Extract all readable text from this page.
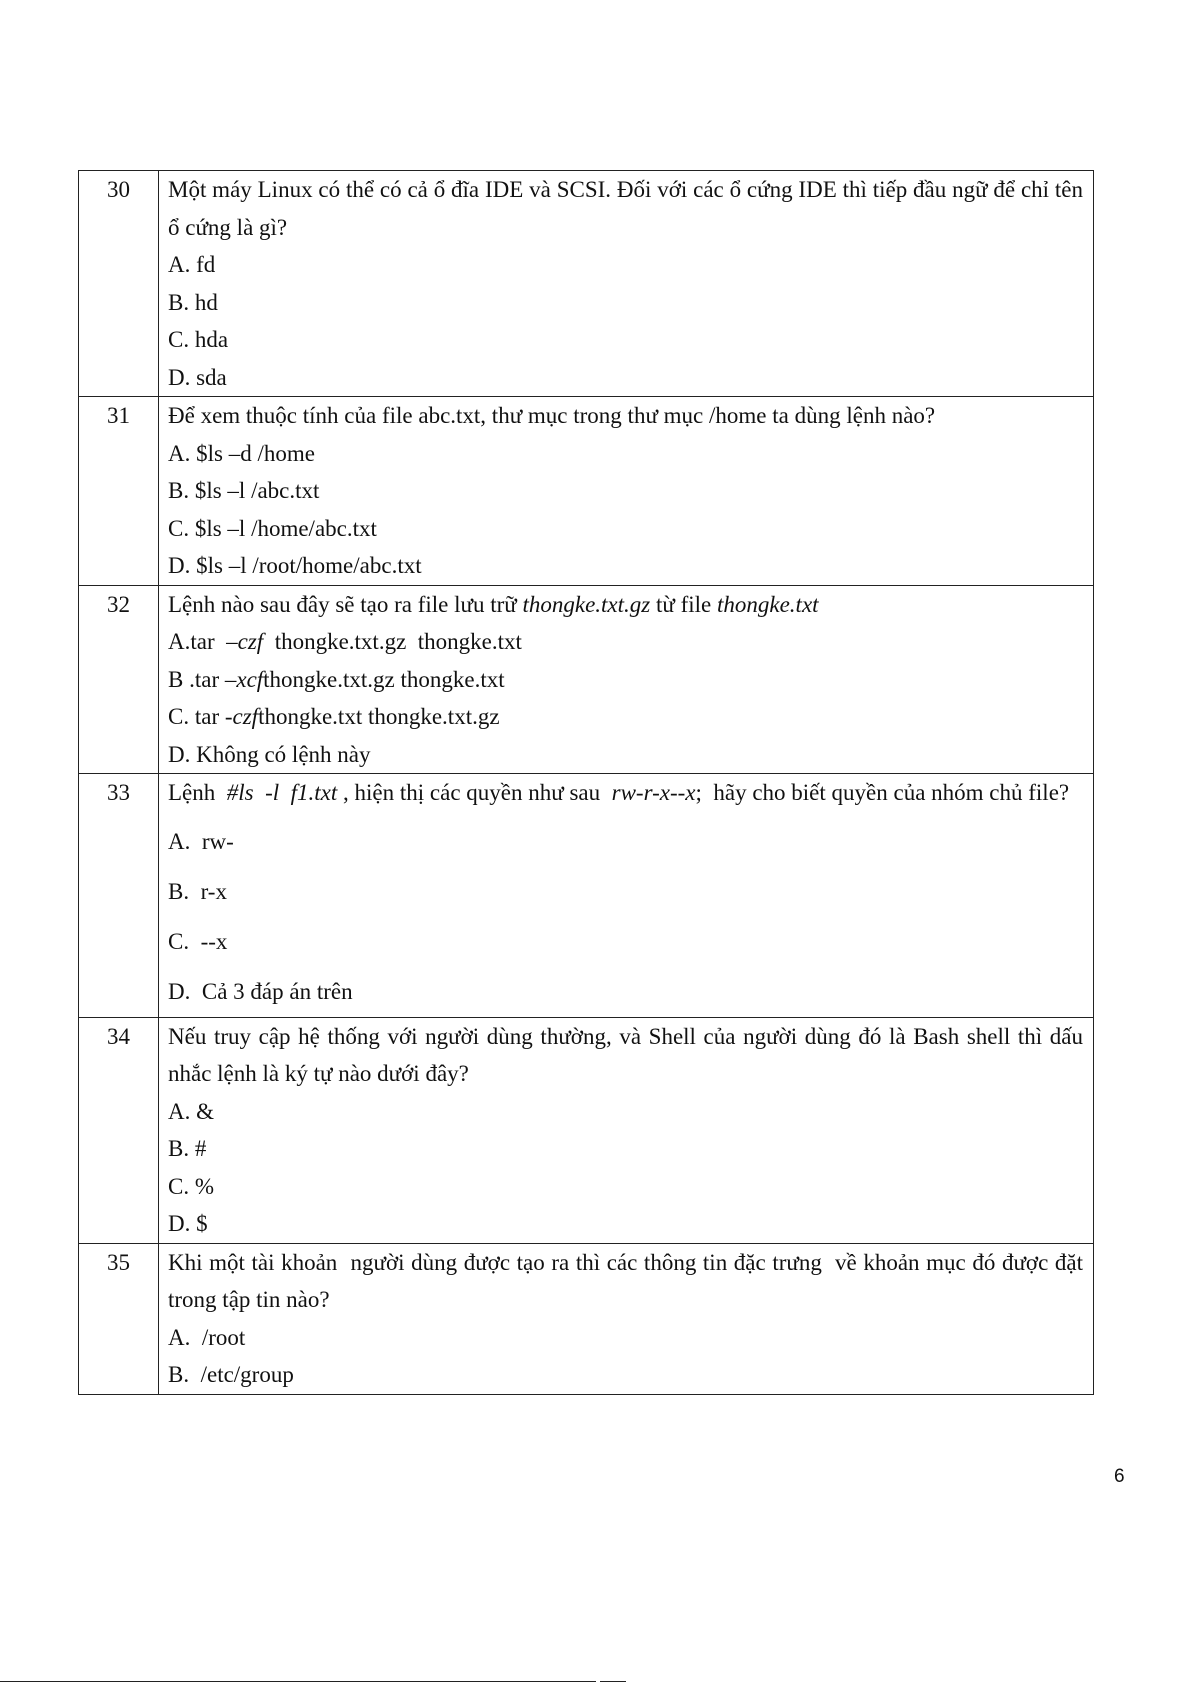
30	Một máy Linux có thể có cả ổ đĩa IDE và SCSI. Đối với các ổ cứng IDE thì tiếp đầu ngữ để chỉ tên ổ cứng là gì?
A. fd
B. hd
C. hda
D. sda

31	Để xem thuộc tính của file abc.txt, thư mục trong thư mục /home ta dùng lệnh nào?
A. $ls –d /home
B. $ls –l /abc.txt
C. $ls –l /home/abc.txt
D. $ls –l /root/home/abc.txt

32	Lệnh nào sau đây sẽ tạo ra file lưu trữ thongke.txt.gz từ file thongke.txt
A.tar  –czf  thongke.txt.gz  thongke.txt
B .tar –xcfthongke.txt.gz thongke.txt
C. tar -czfthongke.txt thongke.txt.gz
D. Không có lệnh này

33	Lệnh  #ls  -l  f1.txt , hiện thị các quyền như sau  rw-r-x--x;  hãy cho biết quyền của nhóm chủ file?
A.  rw-
B.  r-x
C.  --x
D.  Cả 3 đáp án trên

34	Nếu truy cập hệ thống với người dùng thường, và Shell của người dùng đó là Bash shell thì dấu nhắc lệnh là ký tự nào dưới đây?
A. &
B. #
C. %
D. $

35	Khi một tài khoản  người dùng được tạo ra thì các thông tin đặc trưng  về khoản mục đó được đặt trong tập tin nào?
A.  /root
B.  /etc/group
6
